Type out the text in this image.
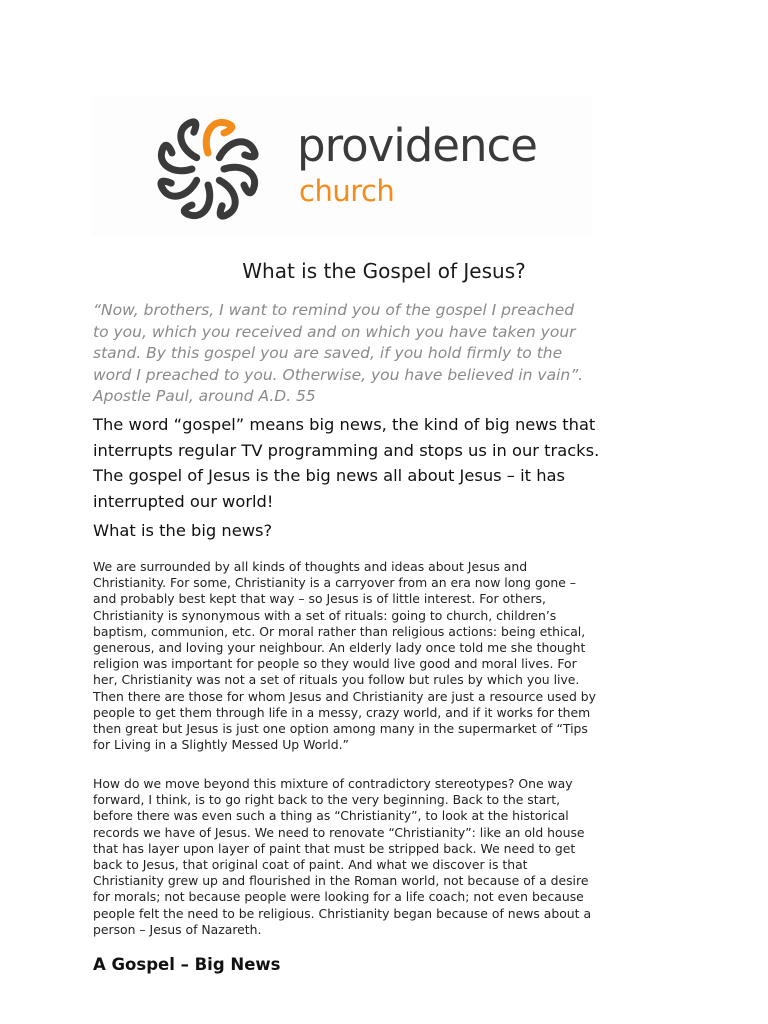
providence
church
What is the Gospel of Jesus?

“Now, brothers, I want to remind you of the gospel I preached
to you, which you received and on which you have taken your
stand. By this gospel you are saved, if you hold firmly to the
word I preached to you. Otherwise, you have believed in vain”.
Apostle Paul, around A.D. 55

The word “gospel” means big news, the kind of big news that
interrupts regular TV programming and stops us in our tracks.
The gospel of Jesus is the big news all about Jesus – it has
interrupted our world!

What is the big news?

We are surrounded by all kinds of thoughts and ideas about Jesus and
Christianity. For some, Christianity is a carryover from an era now long gone –
and probably best kept that way – so Jesus is of little interest. For others,
Christianity is synonymous with a set of rituals: going to church, children’s
baptism, communion, etc. Or moral rather than religious actions: being ethical,
generous, and loving your neighbour. An elderly lady once told me she thought
religion was important for people so they would live good and moral lives. For
her, Christianity was not a set of rituals you follow but rules by which you live.
Then there are those for whom Jesus and Christianity are just a resource used by
people to get them through life in a messy, crazy world, and if it works for them
then great but Jesus is just one option among many in the supermarket of “Tips
for Living in a Slightly Messed Up World.”

How do we move beyond this mixture of contradictory stereotypes? One way
forward, I think, is to go right back to the very beginning. Back to the start,
before there was even such a thing as “Christianity”, to look at the historical
records we have of Jesus. We need to renovate “Christianity”: like an old house
that has layer upon layer of paint that must be stripped back. We need to get
back to Jesus, that original coat of paint. And what we discover is that
Christianity grew up and flourished in the Roman world, not because of a desire
for morals; not because people were looking for a life coach; not even because
people felt the need to be religious. Christianity began because of news about a
person – Jesus of Nazareth.

A Gospel – Big News
